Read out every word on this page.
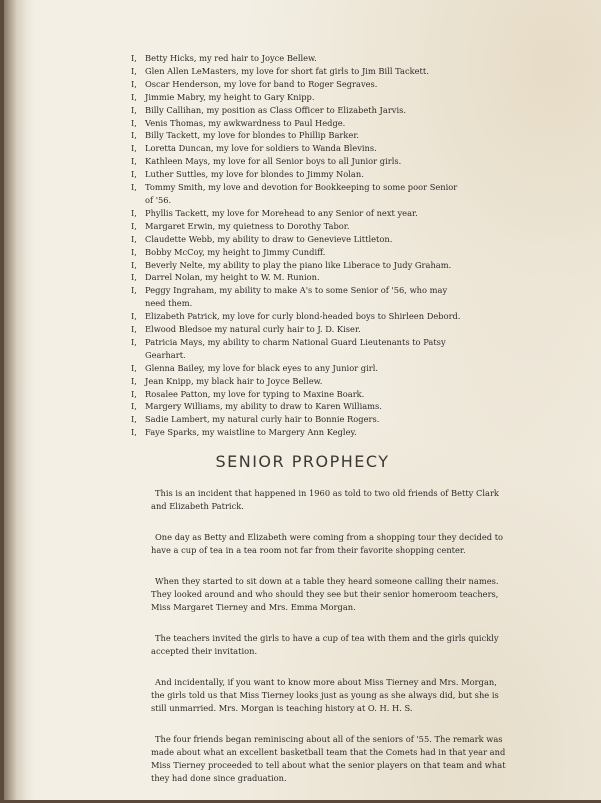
I, Betty Hicks, my red hair to Joyce Bellew.
I, Glen Allen LeMasters, my love for short fat girls to Jim Bill Tackett.
I, Oscar Henderson, my love for band to Roger Segraves.
I, Jimmie Mabry, my height to Gary Knipp.
I, Billy Callihan, my position as Class Officer to Elizabeth Jarvis.
I, Venis Thomas, my awkwardness to Paul Hedge.
I, Billy Tackett, my love for blondes to Phillip Barker.
I, Loretta Duncan, my love for soldiers to Wanda Blevins.
I, Kathleen Mays, my love for all Senior boys to all Junior girls.
I, Luther Suttles, my love for blondes to Jimmy Nolan.
I, Tommy Smith, my love and devotion for Bookkeeping to some poor Senior
of '56.
I, Phyllis Tackett, my love for Morehead to any Senior of next year.
I, Margaret Erwin, my quietness to Dorothy Tabor.
I, Claudette Webb, my ability to draw to Genevieve Littleton.
I, Bobby McCoy, my height to Jimmy Cundiff.
I, Beverly Nelte, my ability to play the piano like Liberace to Judy Graham.
I, Darrel Nolan, my height to W. M. Runion.
I, Peggy Ingraham, my ability to make A's to some Senior of '56, who may
need them.
I, Elizabeth Patrick, my love for curly blond-headed boys to Shirleen Debord.
I, Elwood Bledsoe my natural curly hair to J. D. Kiser.
I, Patricia Mays, my ability to charm National Guard Lieutenants to Patsy
Gearhart.
I, Glenna Bailey, my love for black eyes to any Junior girl.
I, Jean Knipp, my black hair to Joyce Bellew.
I, Rosalee Patton, my love for typing to Maxine Boark.
I, Margery Williams, my ability to draw to Karen Williams.
I, Sadie Lambert, my natural curly hair to Bonnie Rogers.
I, Faye Sparks, my waistline to Margery Ann Kegley.
SENIOR PROPHECY

This is an incident that happened in 1960 as told to two old friends of Betty Clark and Elizabeth Patrick.

One day as Betty and Elizabeth were coming from a shopping tour they decided to have a cup of tea in a tea room not far from their favorite shopping center.

When they started to sit down at a table they heard someone calling their names. They looked around and who should they see but their senior homeroom teachers, Miss Margaret Tierney and Mrs. Emma Morgan.

The teachers invited the girls to have a cup of tea with them and the girls quickly accepted their invitation.

And incidentally, if you want to know more about Miss Tierney and Mrs. Morgan, the girls told us that Miss Tierney looks just as young as she always did, but she is still unmarried. Mrs. Morgan is teaching history at O. H. H. S.

The four friends began reminiscing about all of the seniors of '55. The remark was made about what an excellent basketball team that the Comets had in that year and Miss Tierney proceeded to tell about what the senior players on that team and what they had done since graduation.
